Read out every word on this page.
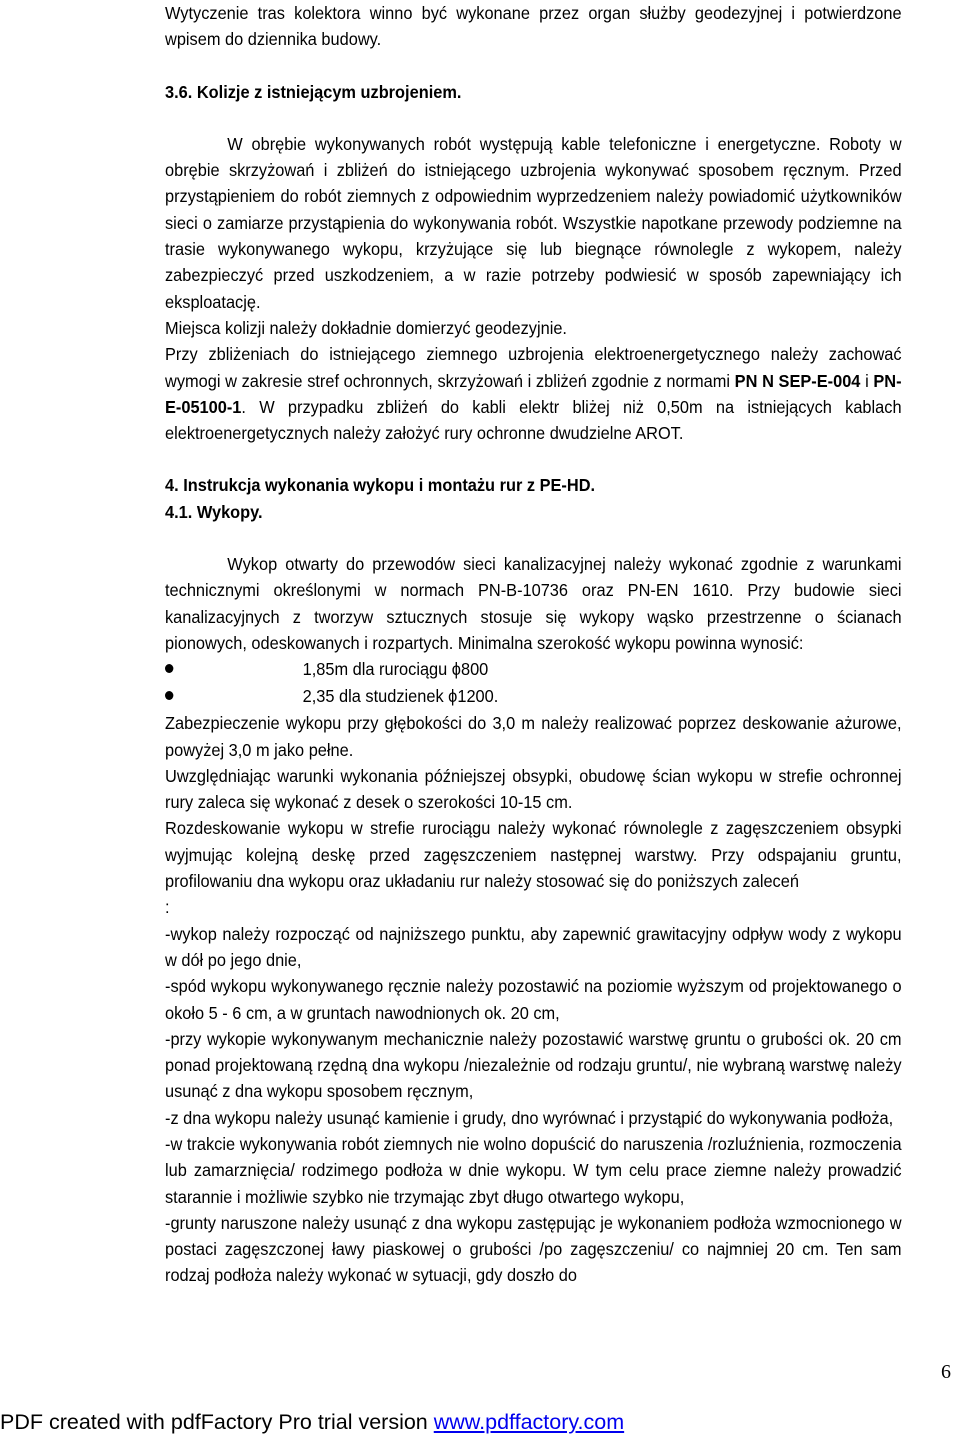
Wytyczenie tras kolektora winno być wykonane przez organ służby geodezyjnej i potwierdzone wpisem do dziennika budowy.

3.6. Kolizje z istniejącym uzbrojeniem.

W obrębie wykonywanych robót występują kable telefoniczne i energetyczne. Roboty w obrębie skrzyżowań i zbliżeń do istniejącego uzbrojenia wykonywać sposobem ręcznym. Przed przystąpieniem do robót ziemnych z odpowiednim wyprzedzeniem należy powiadomić użytkowników sieci o zamiarze przystąpienia do wykonywania robót. Wszystkie napotkane przewody podziemne na trasie wykonywanego wykopu, krzyżujące się lub biegnące równolegle z wykopem, należy zabezpieczyć przed uszkodzeniem, a w razie potrzeby podwiesić w sposób zapewniający ich eksploatację.

Miejsca kolizji należy dokładnie domierzyć geodezyjnie.

Przy zbliżeniach do istniejącego ziemnego uzbrojenia elektroenergetycznego należy zachować wymogi w zakresie stref ochronnych, skrzyżowań i zbliżeń zgodnie z normami PN N SEP-E-004 i PN-E-05100-1. W przypadku zbliżeń do kabli elektr bliżej niż 0,50m na istniejących kablach elektroenergetycznych należy założyć rury ochronne dwudzielne AROT.

4. Instrukcja wykonania wykopu i montażu rur z PE-HD.

4.1. Wykopy.

Wykop otwarty do przewodów sieci kanalizacyjnej należy wykonać zgodnie z warunkami technicznymi określonymi w normach PN-B-10736 oraz PN-EN 1610. Przy budowie sieci kanalizacyjnych z tworzyw sztucznych stosuje się wykopy wąsko przestrzenne o ścianach pionowych, odeskowanych i rozpartych. Minimalna szerokość wykopu powinna wynosić:

1,85m dla rurociągu ϕ800
2,35 dla studzienek ϕ1200.

Zabezpieczenie wykopu przy głębokości do 3,0 m należy realizować poprzez deskowanie ażurowe, powyżej 3,0 m jako pełne.

Uwzględniając warunki wykonania późniejszej obsypki, obudowę ścian wykopu w strefie ochronnej rury zaleca się wykonać z desek o szerokości 10-15 cm.

Rozdeskowanie wykopu w strefie rurociągu należy wykonać równolegle z zagęszczeniem obsypki wyjmując kolejną deskę przed zagęszczeniem następnej warstwy. Przy odspajaniu gruntu, profilowaniu dna wykopu oraz układaniu rur należy stosować się do poniższych zaleceń

:

-wykop należy rozpocząć od najniższego punktu, aby zapewnić grawitacyjny odpływ wody z wykopu w dół po jego dnie,

-spód wykopu wykonywanego ręcznie należy pozostawić na poziomie wyższym od projektowanego o około 5 - 6 cm, a w gruntach nawodnionych ok. 20 cm,

-przy wykopie wykonywanym mechanicznie należy pozostawić warstwę gruntu o grubości ok. 20 cm ponad projektowaną rzędną dna wykopu /niezależnie od rodzaju gruntu/, nie wybraną warstwę należy usunąć z dna wykopu sposobem ręcznym,

-z dna wykopu należy usunąć kamienie i grudy, dno wyrównać i przystąpić do wykonywania podłoża,

-w trakcie wykonywania robót ziemnych nie wolno dopuścić do naruszenia /rozluźnienia, rozmoczenia lub zamarznięcia/ rodzimego podłoża w dnie wykopu. W tym celu prace ziemne należy prowadzić starannie i możliwie szybko nie trzymając zbyt długo otwartego wykopu,

-grunty naruszone należy usunąć z dna wykopu zastępując je wykonaniem podłoża wzmocnionego w postaci zagęszczonej ławy piaskowej o grubości /po zagęszczeniu/ co najmniej 20 cm. Ten sam rodzaj podłoża należy wykonać w sytuacji, gdy doszło do

6
PDF created with pdfFactory Pro trial version www.pdffactory.com
